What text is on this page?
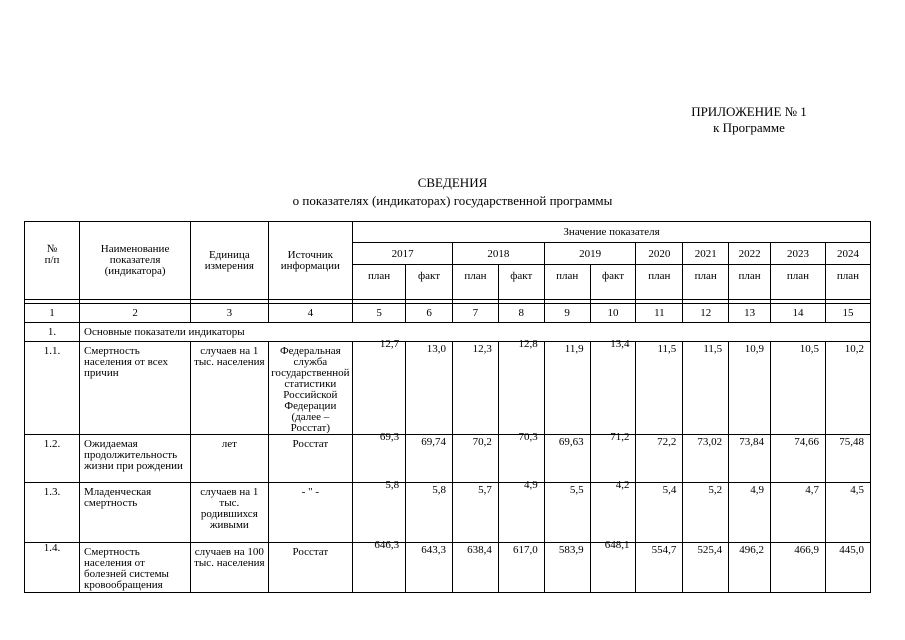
ПРИЛОЖЕНИЕ № 1
к Программе
СВЕДЕНИЯ
о показателях (индикаторах) государственной программы
№
п/п	Наименование показателя (индикатора)	Единица измерения	Источник информации	Значение показателя										
				2017		2018		2019		2020	2021	2022	2023	2024
				план	факт	план	факт	план	факт	план	план	план	план	план

1	2	3	4	5	6	7	8	9	10	11	12	13	14	15
1.	Основные показатели индикаторы													
1.1.	Смертность населения от всех причин	случаев на 1 тыс. населения	Федеральная служба государственной статистики Российской Федерации (далее – Росстат)	12,7	13,0	12,3	12,8	11,9	13,4	11,5	11,5	10,9	10,5	10,2
1.2.	Ожидаемая продолжительность жизни при рождении	лет	Росстат	69,3	69,74	70,2	70,3	69,63	71,2	72,2	73,02	73,84	74,66	75,48
1.3.	Младенческая смертность	случаев на 1 тыс. родившихся живыми	- " -	5,8	5,8	5,7	4,9	5,5	4,2	5,4	5,2	4,9	4,7	4,5
1.4.	Смертность населения от болезней системы кровообращения	случаев на 100 тыс. населения	Росстат	646,3	643,3	638,4	617,0	583,9	648,1	554,7	525,4	496,2	466,9	445,0
